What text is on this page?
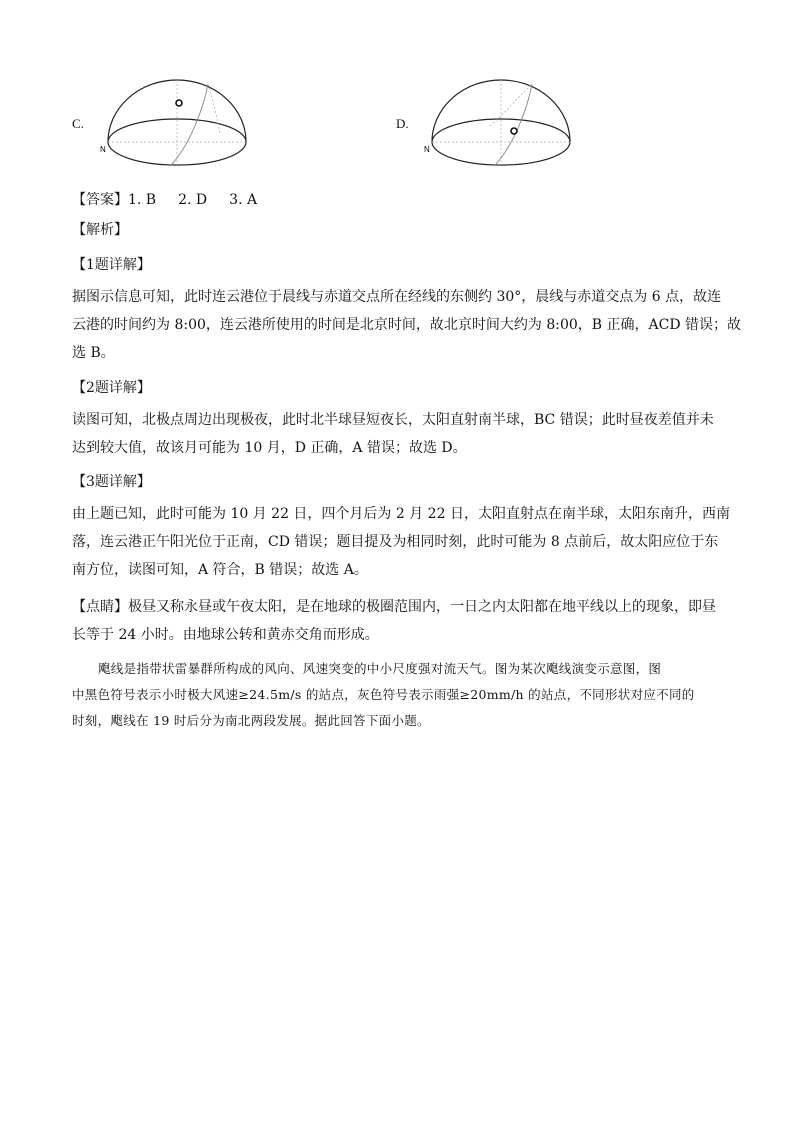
C.
N
D.
N
【答案】1. B 2. D 3. A
【解析】
【1题详解】
据图示信息可知，此时连云港位于晨线与赤道交点所在经线的东侧约 30°，晨线与赤道交点为 6 点，故连
云港的时间约为 8:00，连云港所使用的时间是北京时间，故北京时间大约为 8:00，B 正确，ACD 错误；故
选 B。
【2题详解】
读图可知，北极点周边出现极夜，此时北半球昼短夜长，太阳直射南半球，BC 错误；此时昼夜差值并未
达到较大值，故该月可能为 10 月，D 正确，A 错误；故选 D。
【3题详解】
由上题已知，此时可能为 10 月 22 日，四个月后为 2 月 22 日，太阳直射点在南半球，太阳东南升，西南
落，连云港正午阳光位于正南，CD 错误；题目提及为相同时刻，此时可能为 8 点前后，故太阳应位于东
南方位，读图可知，A 符合，B 错误；故选 A。
【点睛】极昼又称永昼或午夜太阳，是在地球的极圈范围内，一日之内太阳都在地平线以上的现象，即昼
长等于 24 小时。由地球公转和黄赤交角而形成。
飑线是指带状雷暴群所构成的风向、风速突变的中小尺度强对流天气。图为某次飑线演变示意图，图
中黑色符号表示小时极大风速≥24.5m/s 的站点，灰色符号表示雨强≥20mm/h 的站点，不同形状对应不同的
时刻，飑线在 19 时后分为南北两段发展。据此回答下面小题。
